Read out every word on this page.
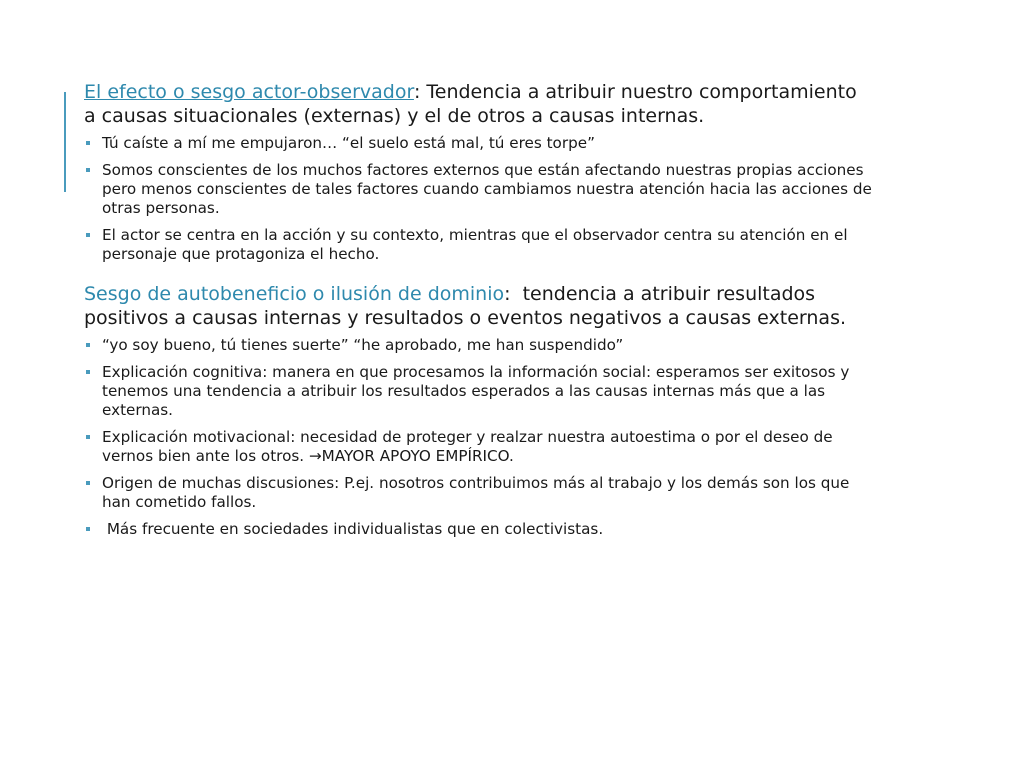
El efecto o sesgo actor-observador: Tendencia a atribuir nuestro comportamiento a causas situacionales (externas) y el de otros a causas internas.

Tú caíste a mí me empujaron… “el suelo está mal, tú eres torpe”
Somos conscientes de los muchos factores externos que están afectando nuestras propias acciones pero menos conscientes de tales factores cuando cambiamos nuestra atención hacia las acciones de otras personas.
El actor se centra en la acción y su contexto, mientras que el observador centra su atención en el personaje que protagoniza el hecho.

Sesgo de autobeneficio o ilusión de dominio:  tendencia a atribuir resultados positivos a causas internas y resultados o eventos negativos a causas externas.

“yo soy bueno, tú tienes suerte” “he aprobado, me han suspendido”
Explicación cognitiva: manera en que procesamos la información social: esperamos ser exitosos y tenemos una tendencia a atribuir los resultados esperados a las causas internas más que a las externas.
Explicación motivacional: necesidad de proteger y realzar nuestra autoestima o por el deseo de vernos bien ante los otros. →MAYOR APOYO EMPÍRICO.
Origen de muchas discusiones: P.ej. nosotros contribuimos más al trabajo y los demás son los que han cometido fallos.
Más frecuente en sociedades individualistas que en colectivistas.
